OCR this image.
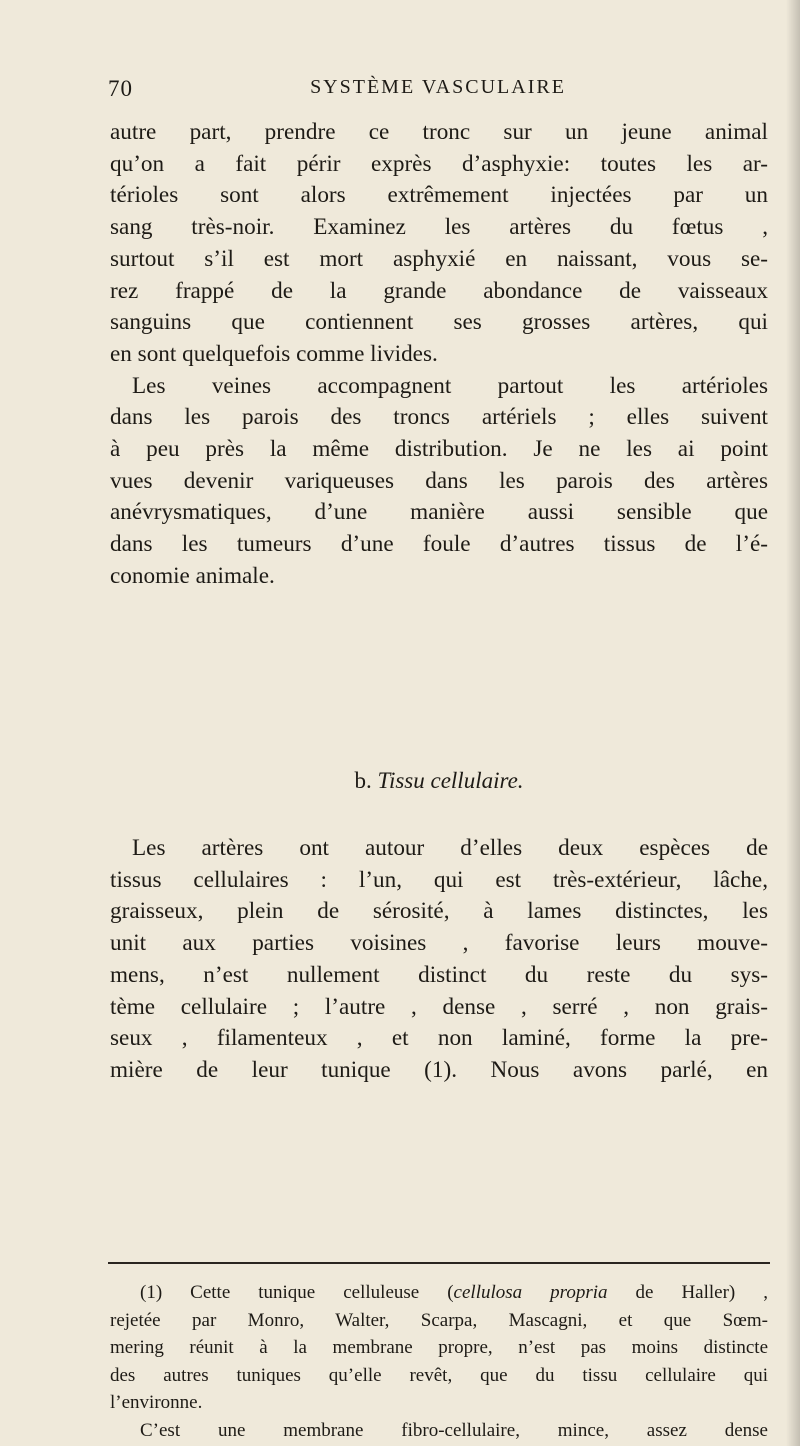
70	SYSTÈME VASCULAIRE
autre part, prendre ce tronc sur un jeune animal
qu’on a fait périr exprès d’asphyxie: toutes les ar-
térioles sont alors extrêmement injectées par un
sang très-noir. Examinez les artères du fœtus ,
surtout s’il est mort asphyxié en naissant, vous se-
rez frappé de la grande abondance de vaisseaux
sanguins que contiennent ses grosses artères, qui
en sont quelquefois comme livides.
Les veines accompagnent partout les artérioles
dans les parois des troncs artériels ; elles suivent
à peu près la même distribution. Je ne les ai point
vues devenir variqueuses dans les parois des artères
anévrysmatiques, d’une manière aussi sensible que
dans les tumeurs d’une foule d’autres tissus de l’é-
conomie animale.
b. Tissu cellulaire.
Les artères ont autour d’elles deux espèces de
tissus cellulaires : l’un, qui est très-extérieur, lâche,
graisseux, plein de sérosité, à lames distinctes, les
unit aux parties voisines , favorise leurs mouve-
mens, n’est nullement distinct du reste du sys-
tème cellulaire ; l’autre , dense , serré , non grais-
seux , filamenteux , et non laminé, forme la pre-
mière de leur tunique (1). Nous avons parlé, en
(1) Cette tunique celluleuse (cellulosa propria de Haller) ,
rejetée par Monro, Walter, Scarpa, Mascagni, et que Sœm-
mering réunit à la membrane propre, n’est pas moins distincte
des autres tuniques qu’elle revêt, que du tissu cellulaire qui
l’environne.
C’est une membrane fibro-cellulaire, mince, assez dense
